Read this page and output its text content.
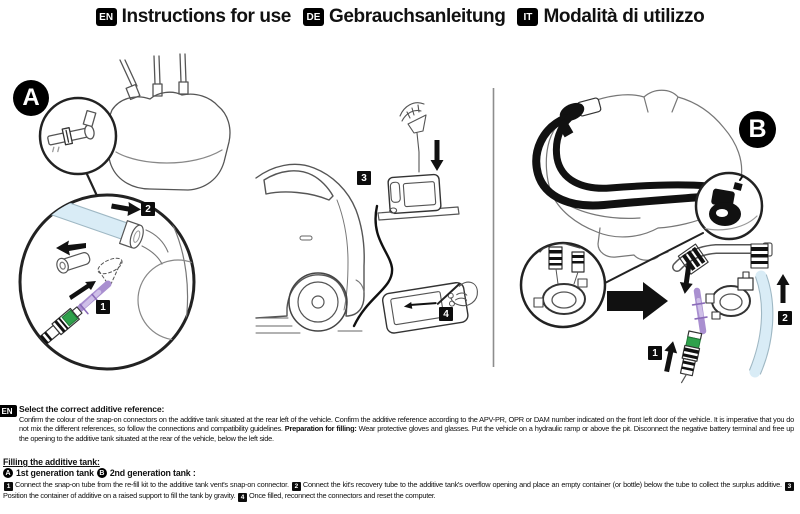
EN Instructions for use	DE Gebrauchsanleitung	IT Modalità di utilizzo
A
B
2
1
3
4
1
2
EN Select the correct additive reference:
Confirm the colour of the snap-on connectors on the additive tank situated at the rear left of the vehicle. Confirm the additive reference according to the APV-PR, OPR or DAM number indicated on the front left door of the vehicle. It is imperative that you do not mix the different references, so follow the connections and compatibility guidelines. Preparation for filling: Wear protective gloves and glasses. Put the vehicle on a hydraulic ramp or above the pit. Disconnect the negative battery terminal and free up the opening to the additive tank situated at the rear of the vehicle, below the left side.
Filling the additive tank:
A 1st generation tank B 2nd generation tank :
1 Connect the snap-on tube from the re-fill kit to the additive tank vent's snap-on connector. 2 Connect the kit's recovery tube to the additive tank's overflow opening and place an empty container (or bottle) below the tube to collect the surplus additive. 3Position the container of additive on a raised support to fill the tank by gravity. 4 Once filled, reconnect the connectors and reset the computer.
